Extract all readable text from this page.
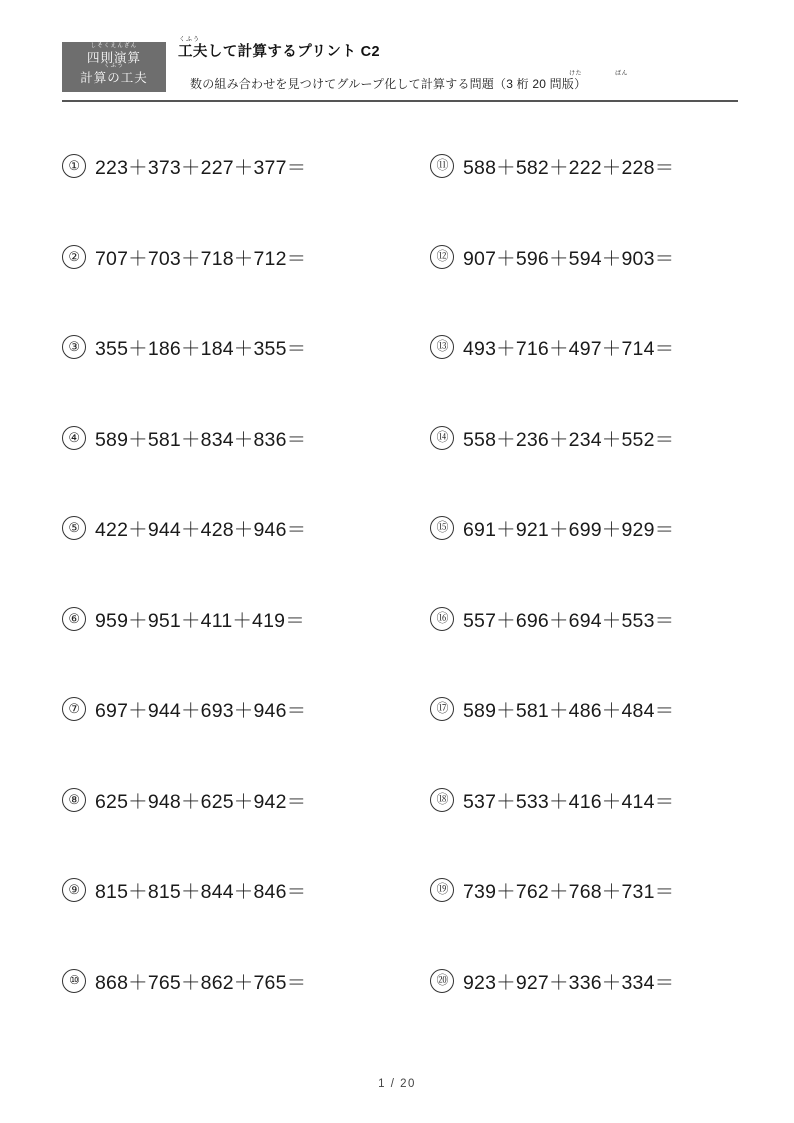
しそくえんざん
四則演算
くふう
計算の工夫
くふう
工夫して計算するプリント C2
けた	ばん
数の組み合わせを見つけてグループ化して計算する問題（3 桁 20 問版）
① 223＋373＋227＋377＝
② 707＋703＋718＋712＝
③ 355＋186＋184＋355＝
④ 589＋581＋834＋836＝
⑤ 422＋944＋428＋946＝
⑥ 959＋951＋411＋419＝
⑦ 697＋944＋693＋946＝
⑧ 625＋948＋625＋942＝
⑨ 815＋815＋844＋846＝
⑩ 868＋765＋862＋765＝
⑪ 588＋582＋222＋228＝
⑫ 907＋596＋594＋903＝
⑬ 493＋716＋497＋714＝
⑭ 558＋236＋234＋552＝
⑮ 691＋921＋699＋929＝
⑯ 557＋696＋694＋553＝
⑰ 589＋581＋486＋484＝
⑱ 537＋533＋416＋414＝
⑲ 739＋762＋768＋731＝
⑳ 923＋927＋336＋334＝
1 / 20
